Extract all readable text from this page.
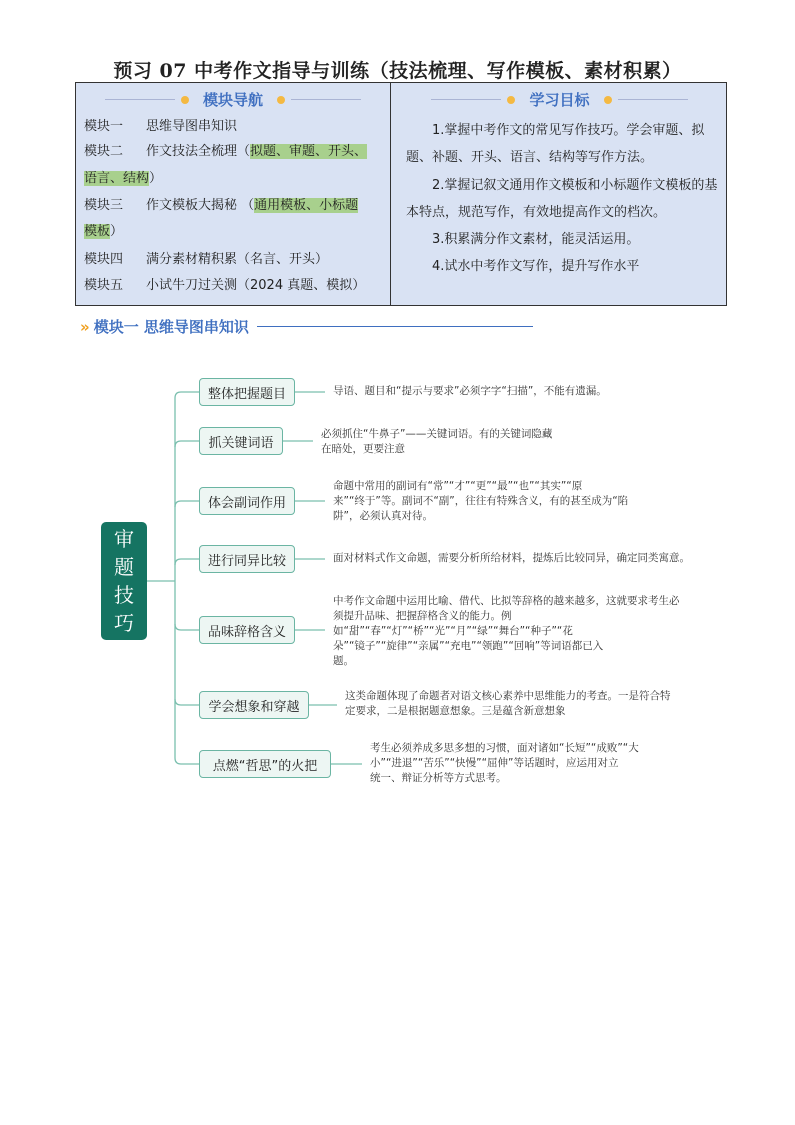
预习 07 中考作文指导与训练（技法梳理、写作模板、素材积累）
模块导航	学习目标
模块一 思维导图串知识
模块二 作文技法全梳理（拟题、审题、开头、
语言、结构）
模块三 作文模板大揭秘 （通用模板、小标题
模板）
模块四 满分素材精积累（名言、开头）
模块五 小试牛刀过关测（2024 真题、模拟）
1.掌握中考作文的常见写作技巧。学会审题、拟题、补题、开头、语言、结构等写作方法。
2.掌握记叙文通用作文模板和小标题作文模板的基本特点，规范写作，有效地提高作文的档次。
3.积累满分作文素材，能灵活运用。
4.试水中考作文写作，提升写作水平
» 模块一 思维导图串知识
审
题
技
巧
整体把握题目	导语、题目和“提示与要求”必须字字“扫描”，不能有遗漏。
抓关键词语
必须抓住“牛鼻子”——关键词语。有的关键词隐藏
在暗处，更要注意
体会副词作用
命题中常用的副词有“常”“才”“更”“最”“也”“其实”“原
来”“终于”等。副词不“副”，往往有特殊含义，有的甚至成为“陷
阱”，必须认真对待。
进行同异比较	面对材料式作文命题，需要分析所给材料，提炼后比较同异，确定同类寓意。
品味辞格含义
中考作文命题中运用比喻、借代、比拟等辞格的越来越多，这就要求考生必
须提升品味、把握辞格含义的能力。例
如“甜”“春”“灯”“桥”“光”“月”“绿”“舞台”“种子”“花
朵”“镜子”“旋律”“亲属”“充电”“领跑”“回响”等词语都已入
题。
学会想象和穿越
这类命题体现了命题者对语文核心素养中思维能力的考查。一是符合特
定要求，二是根据题意想象。三是蕴含新意想象
点燃“哲思”的火把
考生必须养成多思多想的习惯，面对诸如“长短”“成败”“大
小”“进退”“苦乐”“快慢”“屈伸”等话题时，应运用对立
统一、辩证分析等方式思考。
